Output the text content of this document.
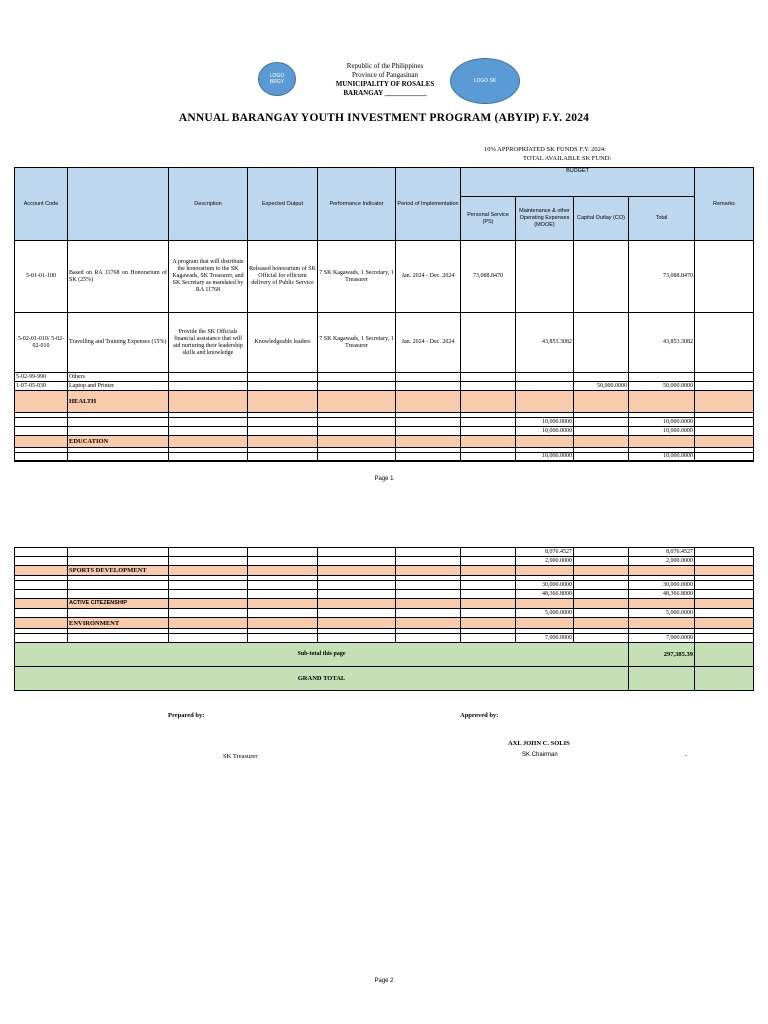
LOGO BRGY	LOGO SK
Republic of the Philippines
Province of Pangasinan
MUNICIPALITY OF ROSALES
BARANGAY ____________
ANNUAL BARANGAY YOUTH INVESTMENT PROGRAM (ABYIP) F.Y. 2024
10% APPROPRIATED SK FUNDS F.Y. 2024:
TOTAL AVAILABLE SK FUND:
Account Code		Description	Expected Output	Performance Indicator	Period of Implementation	BUDGET				Remarks
						Personal Service (PS)	Maintenance & other Operating Expenses (MOOE)	Capital Outlay (CO)	Total	
5-01-01-100	Based on RA 11768 on Honorarium of SK (25%)	A program that will distribute the honorarium to the SK Kagawads, SK Treasurer, and SK Secretary as mandated by RA 11768	Released honorarium of SK Official for efficient delivery of Public Service	7 SK Kagawads, 1 Secretary, 1 Treasurer	Jan. 2024 - Dec. 2024	73,088.8470			73,088.8470	
5-02-01-010/ 5-02-02-010	Travelling and Training Expenses (15%)	Provide the SK Officials financial assistance that will aid nurturing their leadership skills and knowledge	Knowledgeable leaders	7 SK Kagawads, 1 Secretary, 1 Treasurer	Jan. 2024 - Dec. 2024		43,853.3082		43,853.3082	
5-02-99-990	Others									
1-07-05-030	Laptop and Printer							50,000.0000	50,000.0000	
	HEALTH									

							10,000.0000		10,000.0000	
							10,000.0000		10,000.0000	
	EDUCATION									

							10,000.0000		10,000.0000	
Page 1
							8,076.4527		8,076.4527	
							2,000.0000		2,000.0000	
	SPORTS DEVELOPMENT									

							30,000.0000		30,000.0000	
							48,366.8000		48,366.8000	
	ACTIVE CITEZENSHIP									
							5,000.0000		5,000.0000	
	ENVIRONMENT									

							7,000.0000		7,000.0000	
Sub-total this page									297,385.39	
GRAND TOTAL										
Prepared by:	Approved by:
AXL JOHN C. SOLIS
SK Treasurer	SK Chairman	-
Page 2
